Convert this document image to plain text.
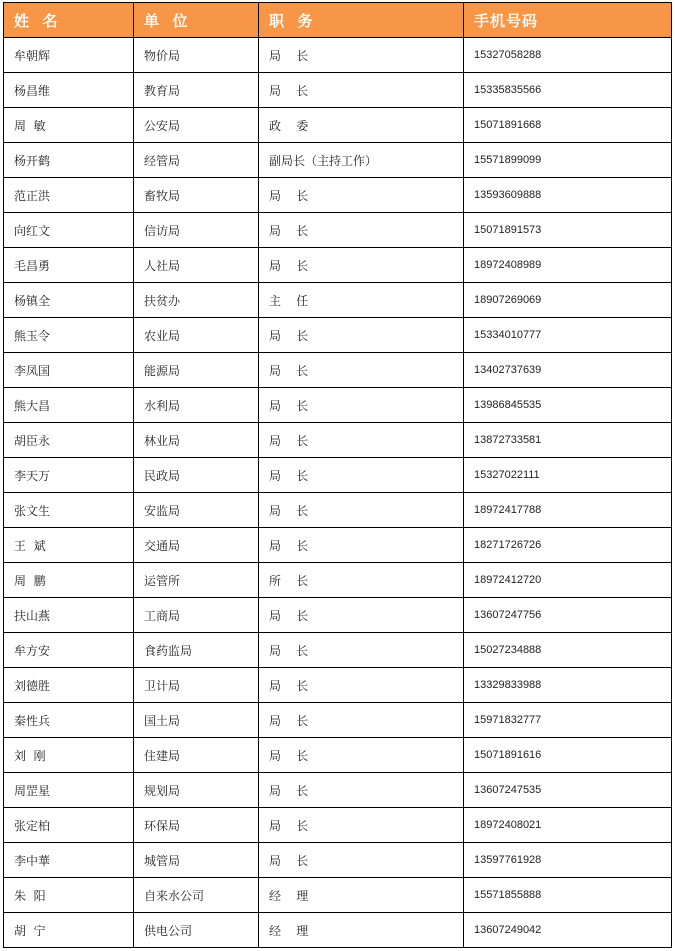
姓  名	单  位	职  务	手机号码
牟朝辉	物价局	局    长	15327058288
杨昌维	教育局	局    长	15335835566
周  敏	公安局	政    委	15071891668
杨开鹤	经管局	副局长（主持工作）	15571899099
范正洪	畜牧局	局    长	13593609888
向红文	信访局	局    长	15071891573
毛昌勇	人社局	局    长	18972408989
杨镇全	扶贫办	主    任	18907269069
熊玉令	农业局	局    长	15334010777
李凤国	能源局	局    长	13402737639
熊大昌	水利局	局    长	13986845535
胡臣永	林业局	局    长	13872733581
李天万	民政局	局    长	15327022111
张文生	安监局	局    长	18972417788
王  斌	交通局	局    长	18271726726
周  鹏	运管所	所    长	18972412720
扶山燕	工商局	局    长	13607247756
牟方安	食药监局	局    长	15027234888
刘德胜	卫计局	局    长	13329833988
秦性兵	国土局	局    长	15971832777
刘  刚	住建局	局    长	15071891616
周罡星	规划局	局    长	13607247535
张定柏	环保局	局    长	18972408021
李中華	城管局	局    长	13597761928
朱  阳	自来水公司	经    理	15571855888
胡  宁	供电公司	经    理	13607249042
